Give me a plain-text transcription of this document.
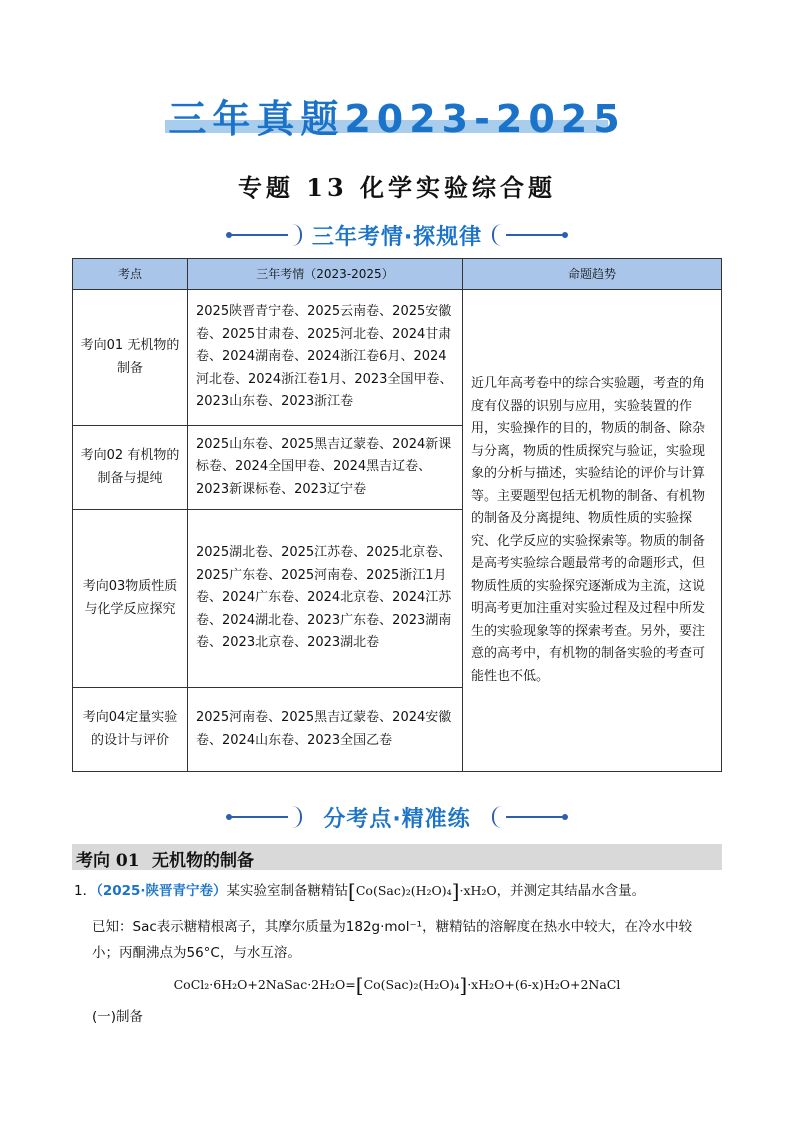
三年真题2023-2025
专题 13 化学实验综合题
三年考情·探规律
考点	三年考情（2023-2025）	命题趋势
考向01 无机物的制备	2025陕晋青宁卷、2025云南卷、2025安徽卷、2025甘肃卷、2025河北卷、2024甘肃卷、2024湖南卷、2024浙江卷6月、2024河北卷、2024浙江卷1月、2023全国甲卷、2023山东卷、2023浙江卷	近几年高考卷中的综合实验题，考查的角度有仪器的识别与应用，实验装置的作用，实验操作的目的，物质的制备、除杂与分离，物质的性质探究与验证，实验现象的分析与描述，实验结论的评价与计算等。主要题型包括无机物的制备、有机物的制备及分离提纯、物质性质的实验探究、化学反应的实验探索等。物质的制备是高考实验综合题最常考的命题形式，但物质性质的实验探究逐渐成为主流，这说明高考更加注重对实验过程及过程中所发生的实验现象等的探索考查。另外，要注意的高考中，有机物的制备实验的考查可能性也不低。
考向02 有机物的制备与提纯	2025山东卷、2025黑吉辽蒙卷、2024新课标卷、2024全国甲卷、2024黑吉辽卷、2023新课标卷、2023辽宁卷	
考向03物质性质与化学反应探究	2025湖北卷、2025江苏卷、2025北京卷、2025广东卷、2025河南卷、2025浙江1月卷、2024广东卷、2024北京卷、2024江苏卷、2024湖北卷、2023广东卷、2023湖南卷、2023北京卷、2023湖北卷	
考向04定量实验的设计与评价	2025河南卷、2025黑吉辽蒙卷、2024安徽卷、2024山东卷、2023全国乙卷	
分考点·精准练
考向 01 无机物的制备
1．（2025·陕晋青宁卷）某实验室制备糖精钴[Co(Sac)₂(H₂O)₄]·xH₂O，并测定其结晶水含量。
已知：Sac表示糖精根离子，其摩尔质量为182g·mol⁻¹，糖精钴的溶解度在热水中较大，在冷水中较
小；丙酮沸点为56°C，与水互溶。
CoCl₂·6H₂O+2NaSac·2H₂O=[Co(Sac)₂(H₂O)₄]·xH₂O+(6-x)H₂O+2NaCl
(一)制备
